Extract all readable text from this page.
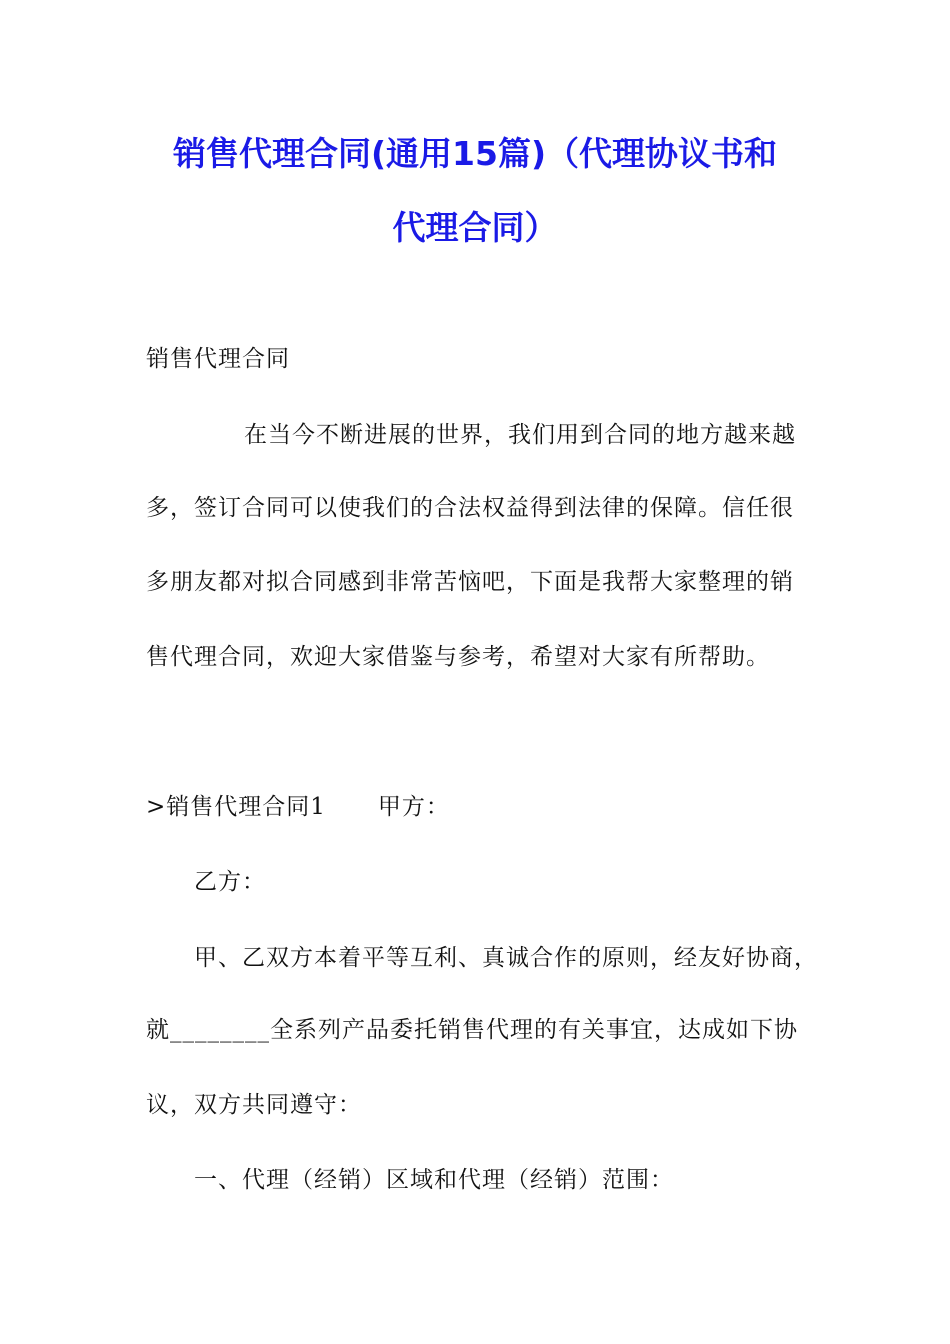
销售代理合同(通用15篇)（代理协议书和
代理合同）
销售代理合同
在当今不断进展的世界，我们用到合同的地方越来越
多，签订合同可以使我们的合法权益得到法律的保障。信任很
多朋友都对拟合同感到非常苦恼吧，下面是我帮大家整理的销
售代理合同，欢迎大家借鉴与参考，希望对大家有所帮助。
>销售代理合同1 甲方：
乙方：
甲、乙双方本着平等互利、真诚合作的原则，经友好协商，
就________全系列产品委托销售代理的有关事宜，达成如下协
议，双方共同遵守：
一、代理（经销）区域和代理（经销）范围：
